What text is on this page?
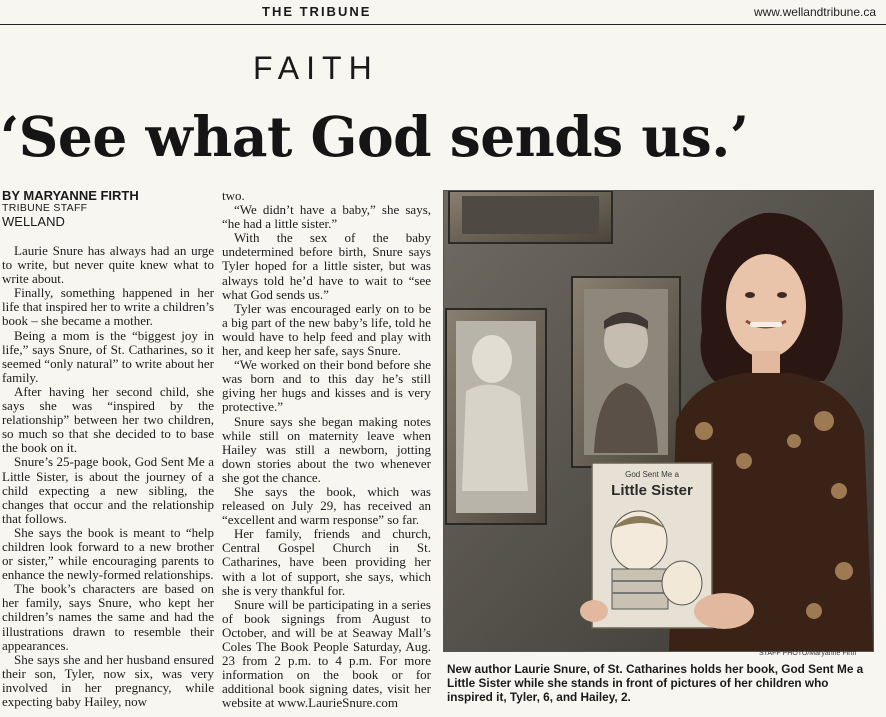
THE TRIBUNE	www.wellandtribune.ca
FAITH
‘See what God sends us.’
BY MARYANNE FIRTH
TRIBUNE STAFF
WELLAND

Laurie Snure has always had an urge to write, but never quite knew what to write about.

Finally, something happened in her life that inspired her to write a children’s book – she became a mother.

Being a mom is the “biggest joy in life,” says Snure, of St. Catharines, so it seemed “only natural” to write about her family.

After having her second child, she says she was “inspired by the relationship” between her two children, so much so that she decided to to base the book on it.

Snure’s 25-page book, God Sent Me a Little Sister, is about the journey of a child expecting a new sibling, the changes that occur and the relationship that follows.

She says the book is meant to “help children look forward to a new brother or sister,” while encouraging parents to enhance the newly-formed relationships.

The book’s characters are based on her family, says Snure, who kept her children’s names the same and had the illustrations drawn to resemble their appearances.

She says she and her husband ensured their son, Tyler, now six, was very involved in her pregnancy, while expecting baby Hailey, now

two.

“We didn’t have a baby,” she says, “he had a little sister.”

With the sex of the baby undetermined before birth, Snure says Tyler hoped for a little sister, but was always told he’d have to wait to “see what God sends us.”

Tyler was encouraged early on to be a big part of the new baby’s life, told he would have to help feed and play with her, and keep her safe, says Snure.

“We worked on their bond before she was born and to this day he’s still giving her hugs and kisses and is very protective.”

Snure says she began making notes while still on maternity leave when Hailey was still a newborn, jotting down stories about the two whenever she got the chance.

She says the book, which was released on July 29, has received an “excellent and warm response” so far.

Her family, friends and church, Central Gospel Church in St. Catharines, have been providing her with a lot of support, she says, which she is very thankful for.

Snure will be participating in a series of book signings from August to October, and will be at Seaway Mall’s Coles The Book People Saturday, Aug. 23 from 2 p.m. to 4 p.m. For more information on the book or for additional book signing dates, visit her website at www.LaurieSnure.com

God Sent Me a
Little Sister
STAFF PHOTO/Maryanne Firth
New author Laurie Snure, of St. Catharines holds her book, God Sent Me a Little Sister while she stands in front of pictures of her children who inspired it, Tyler, 6, and Hailey, 2.
